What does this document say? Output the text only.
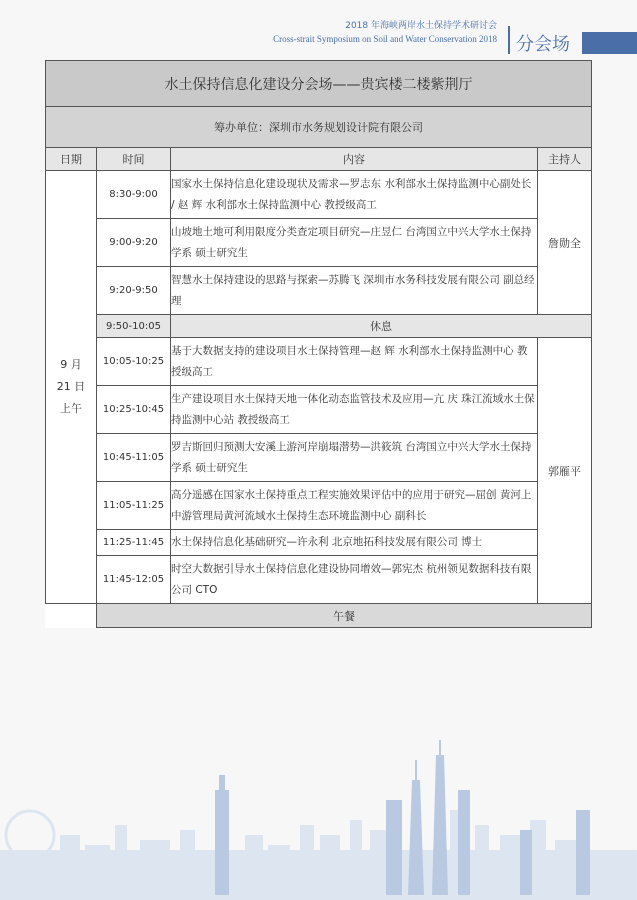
2018 年海峡两岸水土保持学术研讨会
Cross-strait Symposium on Soil and Water Conservation 2018 分会场
水土保持信息化建设分会场——贵宾楼二楼紫荆厅			
筹办单位：深圳市水务规划设计院有限公司			
日期	时间	内容	主持人

9 月
21 日
上午	8:30-9:00	国家水土保持信息化建设现状及需求—罗志东 水利部水土保持监测中心副处长 / 赵 辉 水利部水土保持监测中心 教授级高工	詹勋全
	9:00-9:20	山坡地土地可利用限度分类查定项目研究—庄昱仁 台湾国立中兴大学水土保持学系 硕士研究生	
	9:20-9:50	智慧水土保持建设的思路与探索—苏腾飞 深圳市水务科技发展有限公司 副总经理	
	9:50-10:05	休息	
	10:05-10:25	基于大数据支持的建设项目水土保持管理—赵 辉 水利部水土保持监测中心 教授级高工	郭雁平
	10:25-10:45	生产建设项目水土保持天地一体化动态监管技术及应用—亢 庆 珠江流域水土保持监测中心站 教授级高工	
	10:45-11:05	罗吉斯回归预测大安溪上游河岸崩塌潜势—洪筱筑 台湾国立中兴大学水土保持学系 硕士研究生	
	11:05-11:25	高分遥感在国家水土保持重点工程实施效果评估中的应用于研究—屈创 黄河上中游管理局黄河流域水土保持生态环境监测中心 副科长	
	11:25-11:45	水土保持信息化基础研究—许永利 北京地拓科技发展有限公司 博士	
	11:45-12:05	时空大数据引导水土保持信息化建设协同增效—郭宪杰 杭州领见数据科技有限公司 CTO	
	午餐		
